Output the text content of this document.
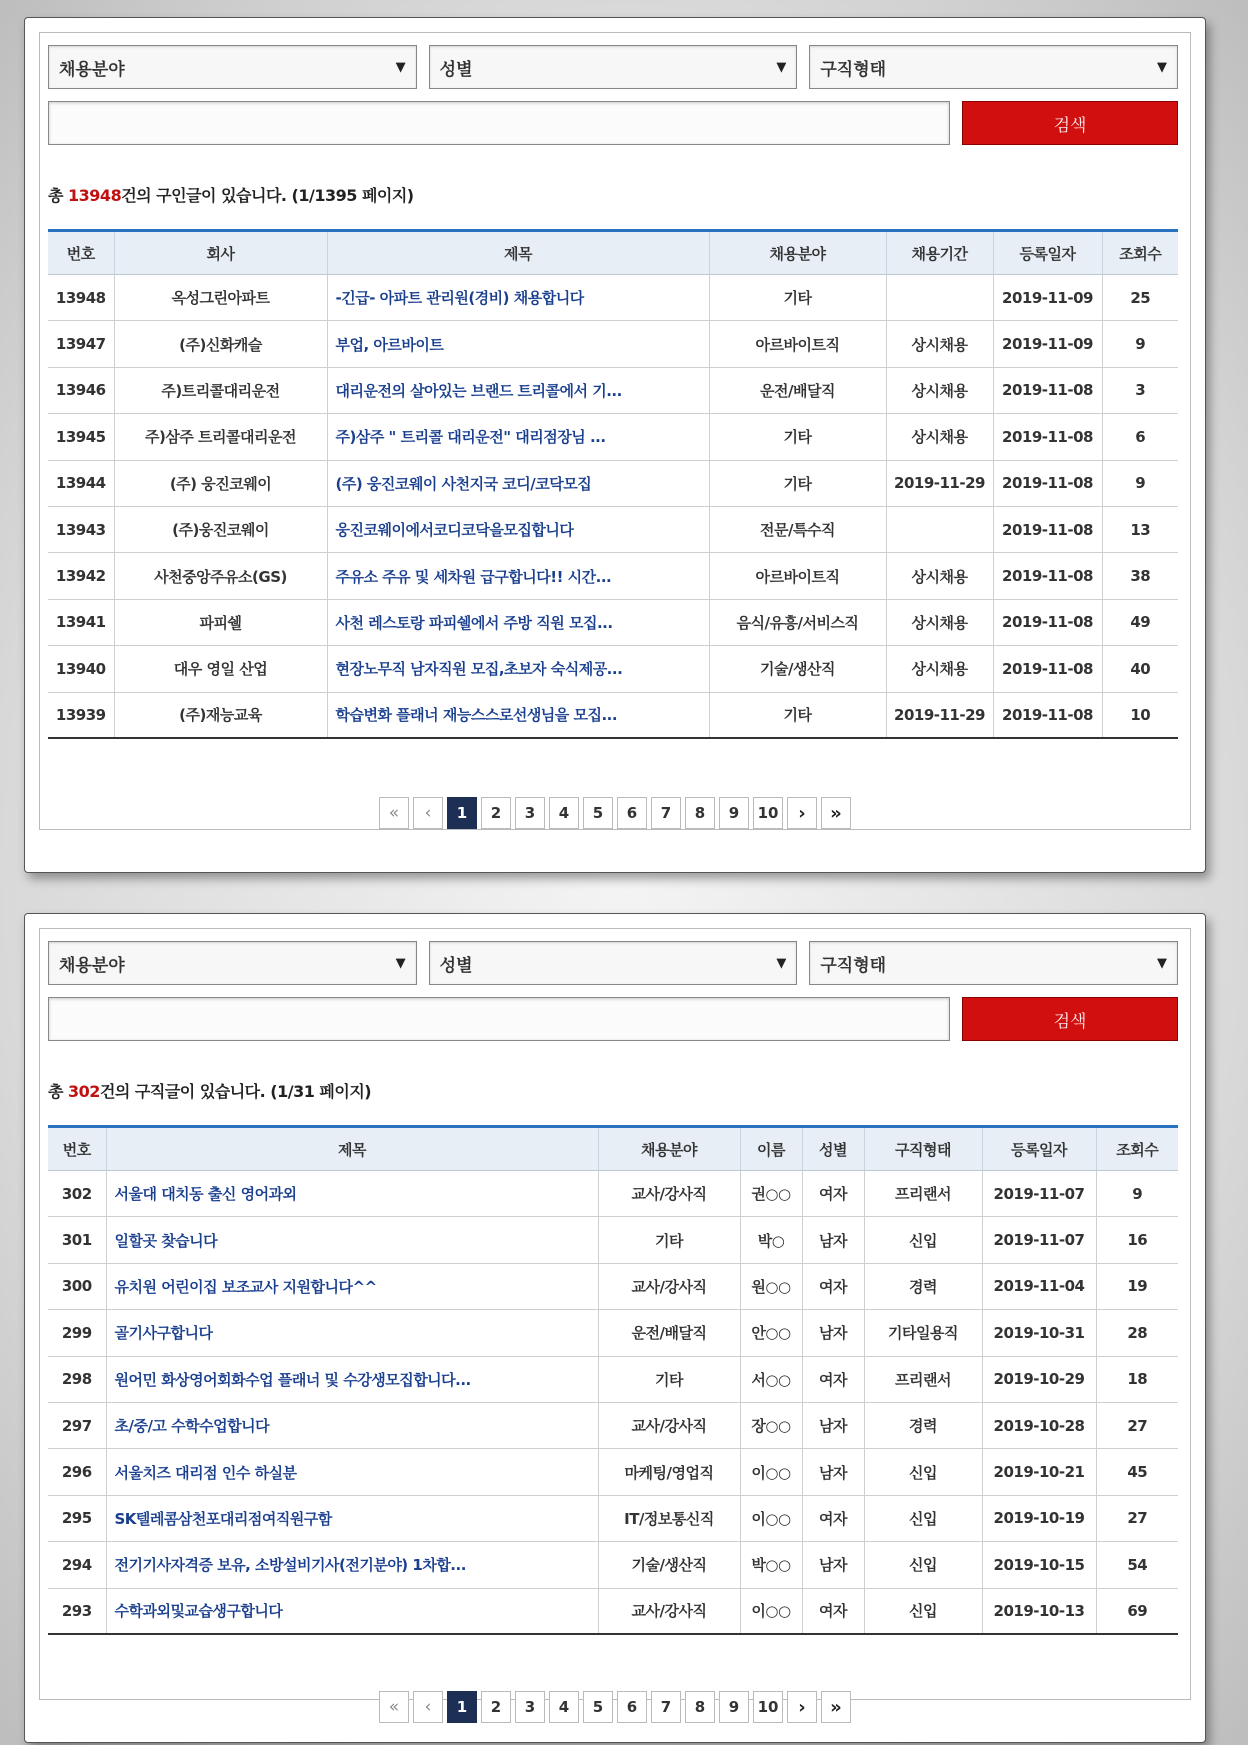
채용분야	▼ 성별	▼ 구직형태	▼
검색
총 13948건의 구인글이 있습니다. (1/1395 페이지)
번호	회사	제목	채용분야	채용기간	등록일자	조회수
13948	옥성그린아파트	-긴급- 아파트 관리원(경비) 채용합니다	기타		2019-11-09	25
13947	(주)신화캐슬	부업, 아르바이트	아르바이트직	상시채용	2019-11-09	9
13946	주)트리콜대리운전	대리운전의 살아있는 브랜드 트리콜에서 기...	운전/배달직	상시채용	2019-11-08	3
13945	주)삼주 트리콜대리운전	주)삼주 " 트리콜 대리운전" 대리점장님 ...	기타	상시채용	2019-11-08	6
13944	(주) 웅진코웨이	(주) 웅진코웨이 사천지국 코디/코닥모집	기타	2019-11-29	2019-11-08	9
13943	(주)웅진코웨이	웅진코웨이에서코디코닥을모집합니다	전문/특수직		2019-11-08	13
13942	사천중앙주유소(GS)	주유소 주유 및 세차원 급구합니다!! 시간...	아르바이트직	상시채용	2019-11-08	38
13941	파피쉘	사천 레스토랑 파피쉘에서 주방 직원 모집...	음식/유흥/서비스직	상시채용	2019-11-08	49
13940	대우 영일 산업	현장노무직 남자직원 모집,초보자 숙식제공...	기술/생산직	상시채용	2019-11-08	40
13939	(주)재능교육	학습변화 플래너 재능스스로선생님을 모집...	기타	2019-11-29	2019-11-08	10
«	‹	1	2	3	4	5	6	7	8	9	10	›	»
채용분야	▼ 성별	▼ 구직형태	▼
검색
총 302건의 구직글이 있습니다. (1/31 페이지)
번호	제목	채용분야	이름	성별	구직형태	등록일자	조회수
302	서울대 대치동 출신 영어과외	교사/강사직	권○○	여자	프리랜서	2019-11-07	9
301	일할곳 찾습니다	기타	박○	남자	신입	2019-11-07	16
300	유치원 어린이집 보조교사 지원합니다^^	교사/강사직	원○○	여자	경력	2019-11-04	19
299	골기사구합니다	운전/배달직	안○○	남자	기타일용직	2019-10-31	28
298	원어민 화상영어회화수업 플래너 및 수강생모집합니다...	기타	서○○	여자	프리랜서	2019-10-29	18
297	초/중/고 수학수업합니다	교사/강사직	장○○	남자	경력	2019-10-28	27
296	서울치즈 대리점 인수 하실분	마케팅/영업직	이○○	남자	신입	2019-10-21	45
295	SK텔레콤삼천포대리점여직원구함	IT/정보통신직	이○○	여자	신입	2019-10-19	27
294	전기기사자격증 보유, 소방설비기사(전기분야) 1차합...	기술/생산직	박○○	남자	신입	2019-10-15	54
293	수학과외및교습생구합니다	교사/강사직	이○○	여자	신입	2019-10-13	69
«	‹	1	2	3	4	5	6	7	8	9	10	›	»
